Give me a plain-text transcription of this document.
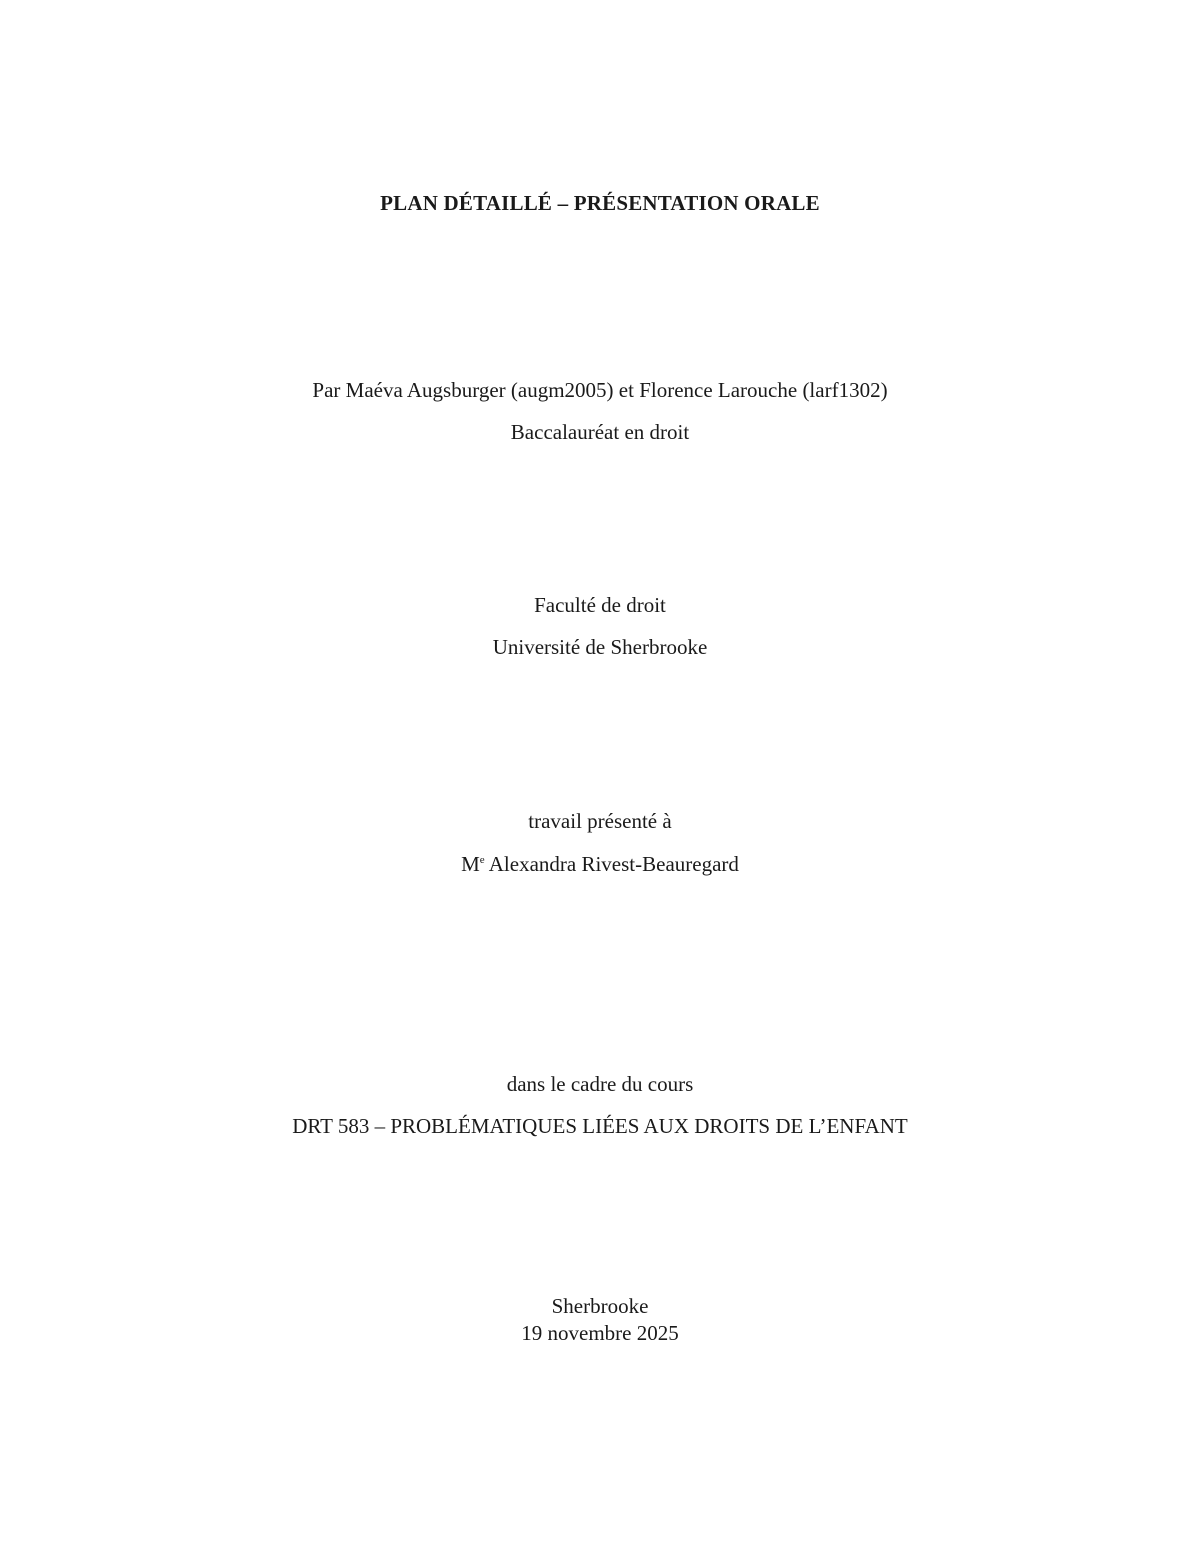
PLAN DÉTAILLÉ – PRÉSENTATION ORALE
Par Maéva Augsburger (augm2005) et Florence Larouche (larf1302)
Baccalauréat en droit
Faculté de droit
Université de Sherbrooke
travail présenté à
Me Alexandra Rivest-Beauregard
dans le cadre du cours
DRT 583 – PROBLÉMATIQUES LIÉES AUX DROITS DE L’ENFANT
Sherbrooke
19 novembre 2025
